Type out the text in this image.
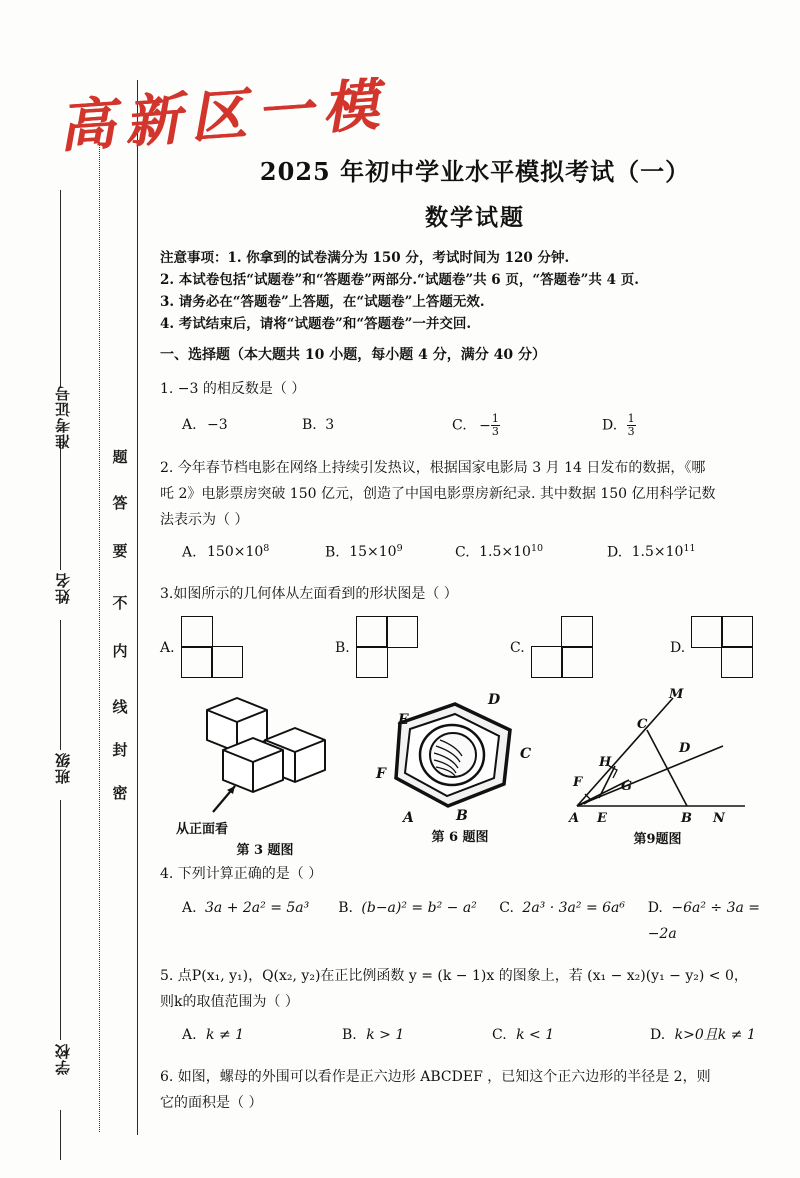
准考证号
姓名
班级
学校
密
封
线
内
不
要
答
题
高新区一模
2025 年初中学业水平模拟考试（一）
数学试题
注意事项：1. 你拿到的试卷满分为 150 分，考试时间为 120 分钟.
2. 本试卷包括“试题卷”和“答题卷”两部分.“试题卷”共 6 页，“答题卷”共 4 页.
3. 请务必在“答题卷”上答题，在“试题卷”上答题无效.
4. 考试结束后，请将“试题卷”和“答题卷”一并交回.
一、选择题（本大题共 10 小题，每小题 4 分，满分 40 分）

1. −3 的相反数是（ ）

A. −3	B. 3	C. − $\frac{1}{3}$	D. $\frac{1}{3}$

2. 今年春节档电影在网络上持续引发热议，根据国家电影局 3 月 14 日发布的数据，《哪

吒 2》电影票房突破 150 亿元，创造了中国电影票房新纪录. 其中数据 150 亿用科学记数

法表示为（ ）

A. $150\times 10^8$	B. $15\times 10^9$	C. $1.5\times 10^{10}$	D. $1.5\times 10^{11}$

3.如图所示的几何体从左面看到的形状图是（ ）

A.	B.	C.	D.
从正面看
第 3 题图
A	B
C
D
E
F
第 6 题图
M
C
D
H
F	G
A E	B N
第9题图

4. 下列计算正确的是（ ）

A. 3a + 2a² = 5a³	B. (b−a)² = b² − a²	C. 2a³ · 3a² = 6a⁶	D. −6a² ÷ 3a = −2a

5. 点P(x₁, y₁)，Q(x₂, y₂)在正比例函数 y = (k − 1)x 的图象上，若 (x₁ − x₂)(y₁ − y₂) < 0，

则k的取值范围为（ ）

A. k ≠ 1	B. k > 1	C. k < 1	D. k>0且k ≠ 1

6. 如图，螺母的外围可以看作是正六边形 ABCDEF ，已知这个正六边形的半径是 2，则

它的面积是（ ）
